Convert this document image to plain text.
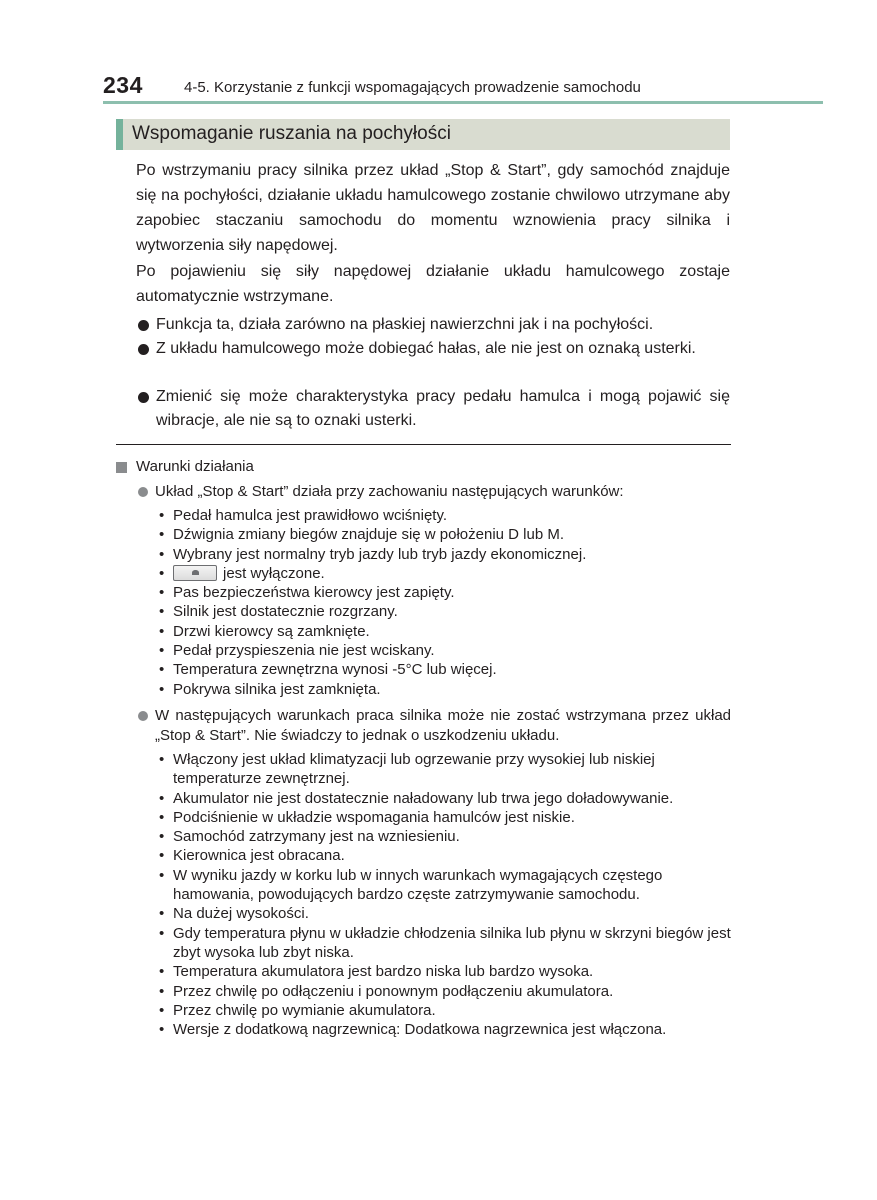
234	4-5. Korzystanie z funkcji wspomagających prowadzenie samochodu
Wspomaganie ruszania na pochyłości
Po wstrzymaniu pracy silnika przez układ „Stop & Start”, gdy samochód znajduje się na pochyłości, działanie układu hamulcowego zostanie chwilowo utrzymane aby zapobiec staczaniu samochodu do momentu wznowienia pracy silnika i wytworzenia siły napędowej.
Po pojawieniu się siły napędowej działanie układu hamulcowego zostaje automatycznie wstrzymane.
Funkcja ta, działa zarówno na płaskiej nawierzchni jak i na pochyłości.
Z układu hamulcowego może dobiegać hałas, ale nie jest on oznaką usterki.
Zmienić się może charakterystyka pracy pedału hamulca i mogą pojawić się wibracje, ale nie są to oznaki usterki.
Warunki działania
Układ „Stop & Start” działa przy zachowaniu następujących warunków:
• Pedał hamulca jest prawidłowo wciśnięty.
• Dźwignia zmiany biegów znajduje się w położeniu D lub M.
• Wybrany jest normalny tryb jazdy lub tryb jazdy ekonomicznej.
• jest wyłączone.
• Pas bezpieczeństwa kierowcy jest zapięty.
• Silnik jest dostatecznie rozgrzany.
• Drzwi kierowcy są zamknięte.
• Pedał przyspieszenia nie jest wciskany.
• Temperatura zewnętrzna wynosi -5°C lub więcej.
• Pokrywa silnika jest zamknięta.
W następujących warunkach praca silnika może nie zostać wstrzymana przez układ „Stop & Start”. Nie świadczy to jednak o uszkodzeniu układu.
• Włączony jest układ klimatyzacji lub ogrzewanie przy wysokiej lub niskiej temperaturze zewnętrznej.
• Akumulator nie jest dostatecznie naładowany lub trwa jego doładowywanie.
• Podciśnienie w układzie wspomagania hamulców jest niskie.
• Samochód zatrzymany jest na wzniesieniu.
• Kierownica jest obracana.
• W wyniku jazdy w korku lub w innych warunkach wymagających częstego hamowania, powodujących bardzo częste zatrzymywanie samochodu.
• Na dużej wysokości.
• Gdy temperatura płynu w układzie chłodzenia silnika lub płynu w skrzyni biegów jest zbyt wysoka lub zbyt niska.
• Temperatura akumulatora jest bardzo niska lub bardzo wysoka.
• Przez chwilę po odłączeniu i ponownym podłączeniu akumulatora.
• Przez chwilę po wymianie akumulatora.
• Wersje z dodatkową nagrzewnicą: Dodatkowa nagrzewnica jest włączona.
